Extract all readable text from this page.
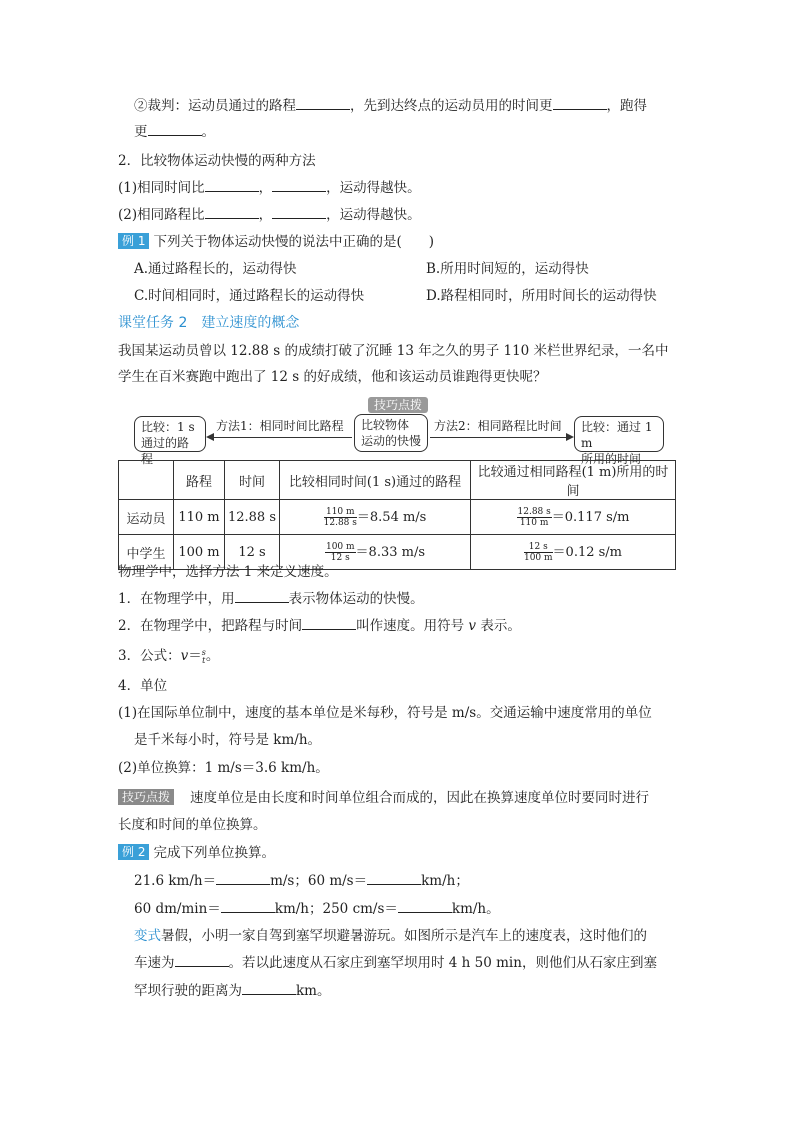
②裁判：运动员通过的路程	，先到达终点的运动员用的时间更	，跑得
更	。
2．比较物体运动快慢的两种方法
(1)相同时间比	，	，运动得越快。
(2)相同路程比	，	，运动得越快。
例 1 下列关于物体运动快慢的说法中正确的是(　　)
A.通过路程长的，运动得快	B.所用时间短的，运动得快
C.时间相同时，通过路程长的运动得快	D.路程相同时，所用时间长的运动得快
课堂任务 2　建立速度的概念
我国某运动员曾以 12.88 s 的成绩打破了沉睡 13 年之久的男子 110 米栏世界纪录，一名中
学生在百米赛跑中跑出了 12 s 的好成绩，他和该运动员谁跑得更快呢？
技巧点拨
比较：1 s
通过的路程
方法1：相同时间比路程 比较物体
运动的快慢
方法2：相同路程比时间 比较：通过 1 m
所用的时间
	路程	时间	比较相同时间(1 s)通过的路程	比较通过相同路程(1 m)所用的时间
运动员	110 m	12.88 s	$\frac{110 m}{12.88 s} =8.54$ m/s	$\frac{12.88 s}{110 m} =0.117$ s/m
中学生	100 m	12 s	$\frac{100 m}{12 s} =8.33$ m/s	$\frac{12 s}{100 m} =0.12$ s/m
物理学中，选择方法 1 来定义速度。
1．在物理学中，用	表示物体运动的快慢。
2．在物理学中，把路程与时间	叫作速度。用符号 v 表示。
3．公式：v＝ s
t 。
4．单位
(1)在国际单位制中，速度的基本单位是米每秒，符号是 m/s。交通运输中速度常用的单位
是千米每小时，符号是 km/h。
(2)单位换算：1 m/s＝3.6 km/h。
技巧点拨 速度单位是由长度和时间单位组合而成的，因此在换算速度单位时要同时进行
长度和时间的单位换算。
例 2 完成下列单位换算。
21.6 km/h＝	m/s；60 m/s＝	km/h；
60 dm/min＝	km/h；250 cm/s＝	km/h。
变式暑假，小明一家自驾到塞罕坝避暑游玩。如图所示是汽车上的速度表，这时他们的
车速为	。若以此速度从石家庄到塞罕坝用时 4 h 50 min，则他们从石家庄到塞
罕坝行驶的距离为	km。
